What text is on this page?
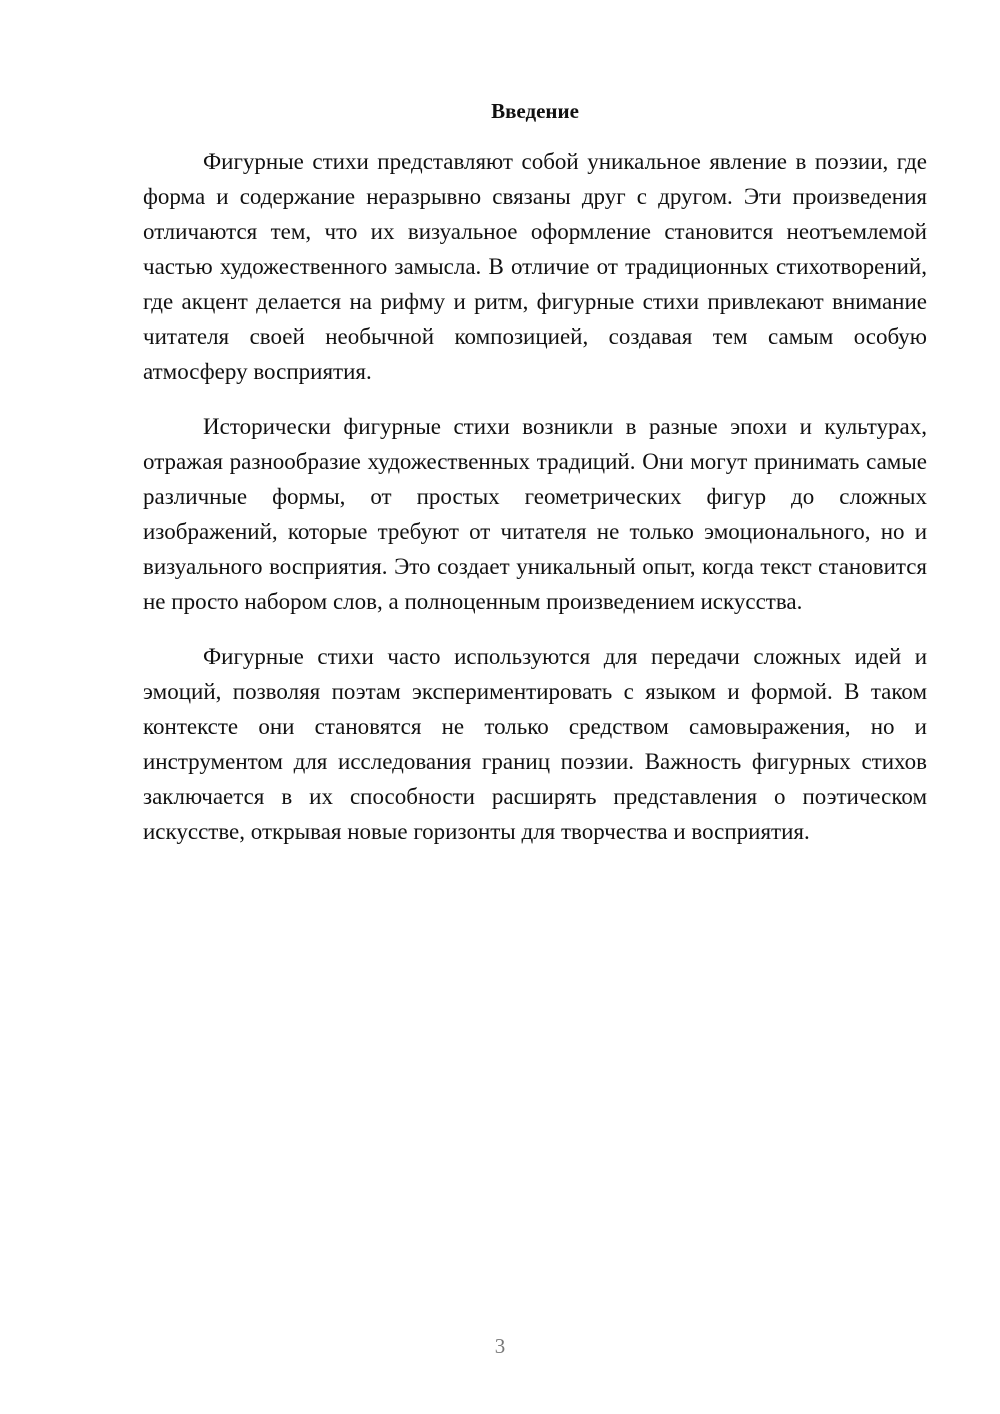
Введение

Фигурные стихи представляют собой уникальное явление в поэзии, где форма и содержание неразрывно связаны друг с другом. Эти произведения отличаются тем, что их визуальное оформление становится неотъемлемой частью художественного замысла. В отличие от традиционных стихотворений, где акцент делается на рифму и ритм, фигурные стихи привлекают внимание читателя своей необычной композицией, создавая тем самым особую атмосферу восприятия.

Исторически фигурные стихи возникли в разные эпохи и культурах, отражая разнообразие художественных традиций. Они могут принимать самые различные формы, от простых геометрических фигур до сложных изображений, которые требуют от читателя не только эмоционального, но и визуального восприятия. Это создает уникальный опыт, когда текст становится не просто набором слов, а полноценным произведением искусства.

Фигурные стихи часто используются для передачи сложных идей и эмоций, позволяя поэтам экспериментировать с языком и формой. В таком контексте они становятся не только средством самовыражения, но и инструментом для исследования границ поэзии. Важность фигурных стихов заключается в их способности расширять представления о поэтическом искусстве, открывая новые горизонты для творчества и восприятия.

3
